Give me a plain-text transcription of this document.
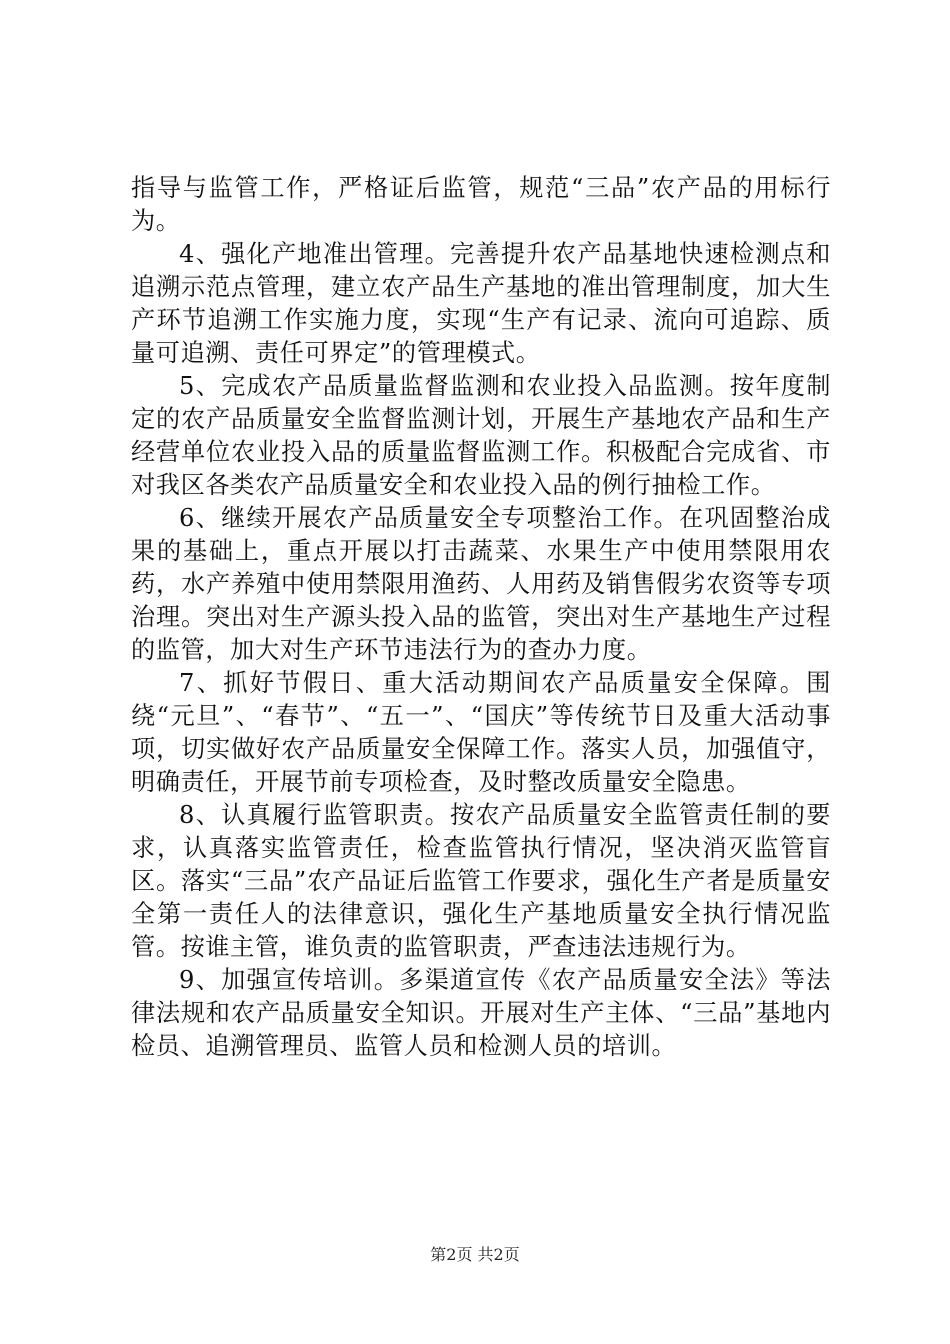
指导与监管工作，严格证后监管，规范“三品”农产品的用标行为。

4、强化产地准出管理。完善提升农产品基地快速检测点和追溯示范点管理，建立农产品生产基地的准出管理制度，加大生产环节追溯工作实施力度，实现“生产有记录、流向可追踪、质量可追溯、责任可界定”的管理模式。

5、完成农产品质量监督监测和农业投入品监测。按年度制定的农产品质量安全监督监测计划，开展生产基地农产品和生产经营单位农业投入品的质量监督监测工作。积极配合完成省、市对我区各类农产品质量安全和农业投入品的例行抽检工作。

6、继续开展农产品质量安全专项整治工作。在巩固整治成果的基础上，重点开展以打击蔬菜、水果生产中使用禁限用农药，水产养殖中使用禁限用渔药、人用药及销售假劣农资等专项治理。突出对生产源头投入品的监管，突出对生产基地生产过程的监管，加大对生产环节违法行为的查办力度。

7、抓好节假日、重大活动期间农产品质量安全保障。围绕“元旦”、“春节”、“五一”、“国庆”等传统节日及重大活动事项，切实做好农产品质量安全保障工作。落实人员，加强值守，明确责任，开展节前专项检查，及时整改质量安全隐患。

8、认真履行监管职责。按农产品质量安全监管责任制的要求，认真落实监管责任，检查监管执行情况，坚决消灭监管盲区。落实“三品”农产品证后监管工作要求，强化生产者是质量安全第一责任人的法律意识，强化生产基地质量安全执行情况监管。按谁主管，谁负责的监管职责，严查违法违规行为。

9、加强宣传培训。多渠道宣传《农产品质量安全法》等法律法规和农产品质量安全知识。开展对生产主体、“三品”基地内检员、追溯管理员、监管人员和检测人员的培训。

第2页 共2页
